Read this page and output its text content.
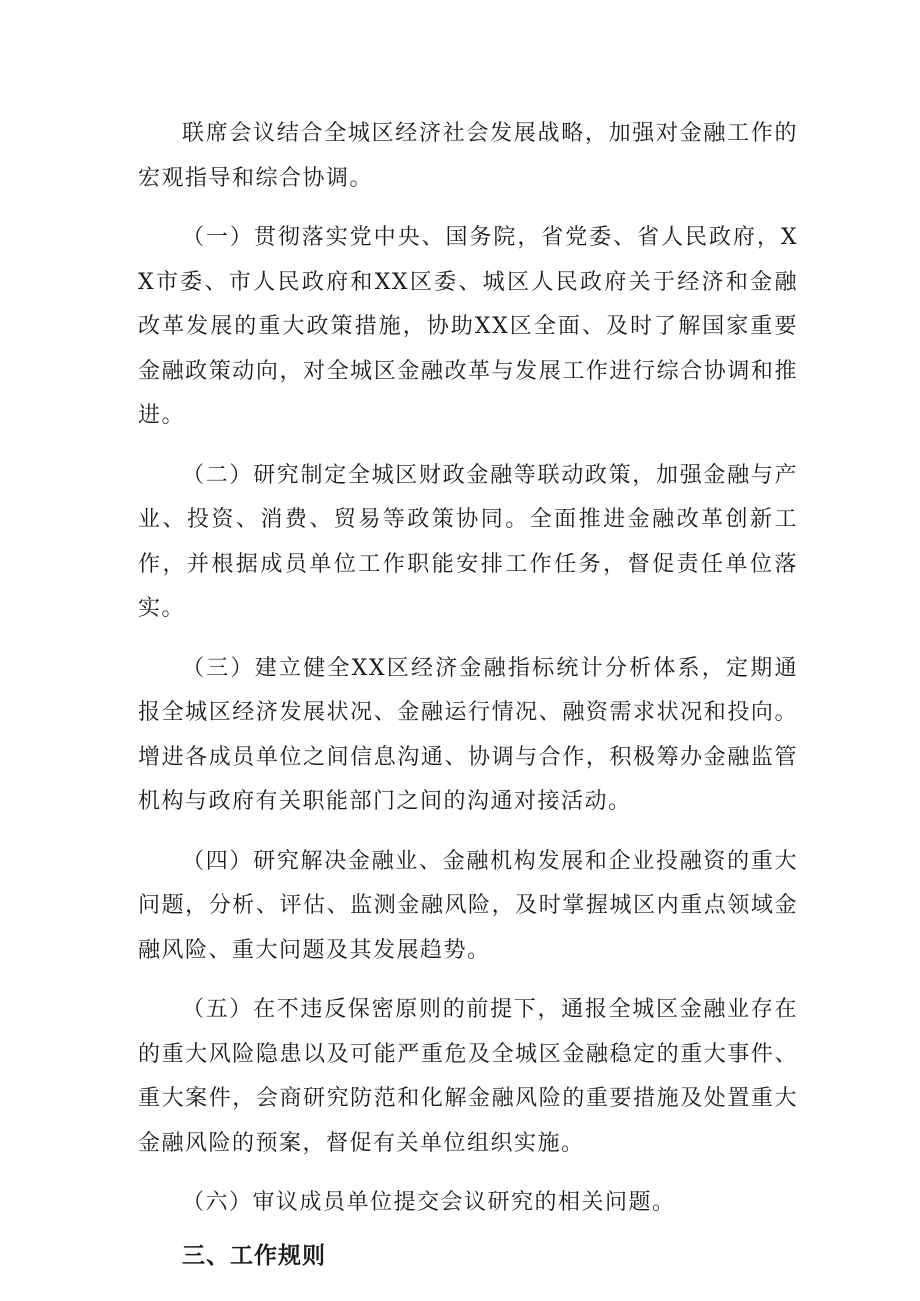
联席会议结合全城区经济社会发展战略，加强对金融工作的宏观指导和综合协调。

（一）贯彻落实党中央、国务院，省党委、省人民政府，XX市委、市人民政府和XX区委、城区人民政府关于经济和金融改革发展的重大政策措施，协助XX区全面、及时了解国家重要金融政策动向，对全城区金融改革与发展工作进行综合协调和推进。

（二）研究制定全城区财政金融等联动政策，加强金融与产业、投资、消费、贸易等政策协同。全面推进金融改革创新工作，并根据成员单位工作职能安排工作任务，督促责任单位落实。

（三）建立健全XX区经济金融指标统计分析体系，定期通报全城区经济发展状况、金融运行情况、融资需求状况和投向。增进各成员单位之间信息沟通、协调与合作，积极筹办金融监管机构与政府有关职能部门之间的沟通对接活动。

（四）研究解决金融业、金融机构发展和企业投融资的重大问题，分析、评估、监测金融风险，及时掌握城区内重点领域金融风险、重大问题及其发展趋势。

（五）在不违反保密原则的前提下，通报全城区金融业存在的重大风险隐患以及可能严重危及全城区金融稳定的重大事件、重大案件，会商研究防范和化解金融风险的重要措施及处置重大金融风险的预案，督促有关单位组织实施。

（六）审议成员单位提交会议研究的相关问题。

三、工作规则
